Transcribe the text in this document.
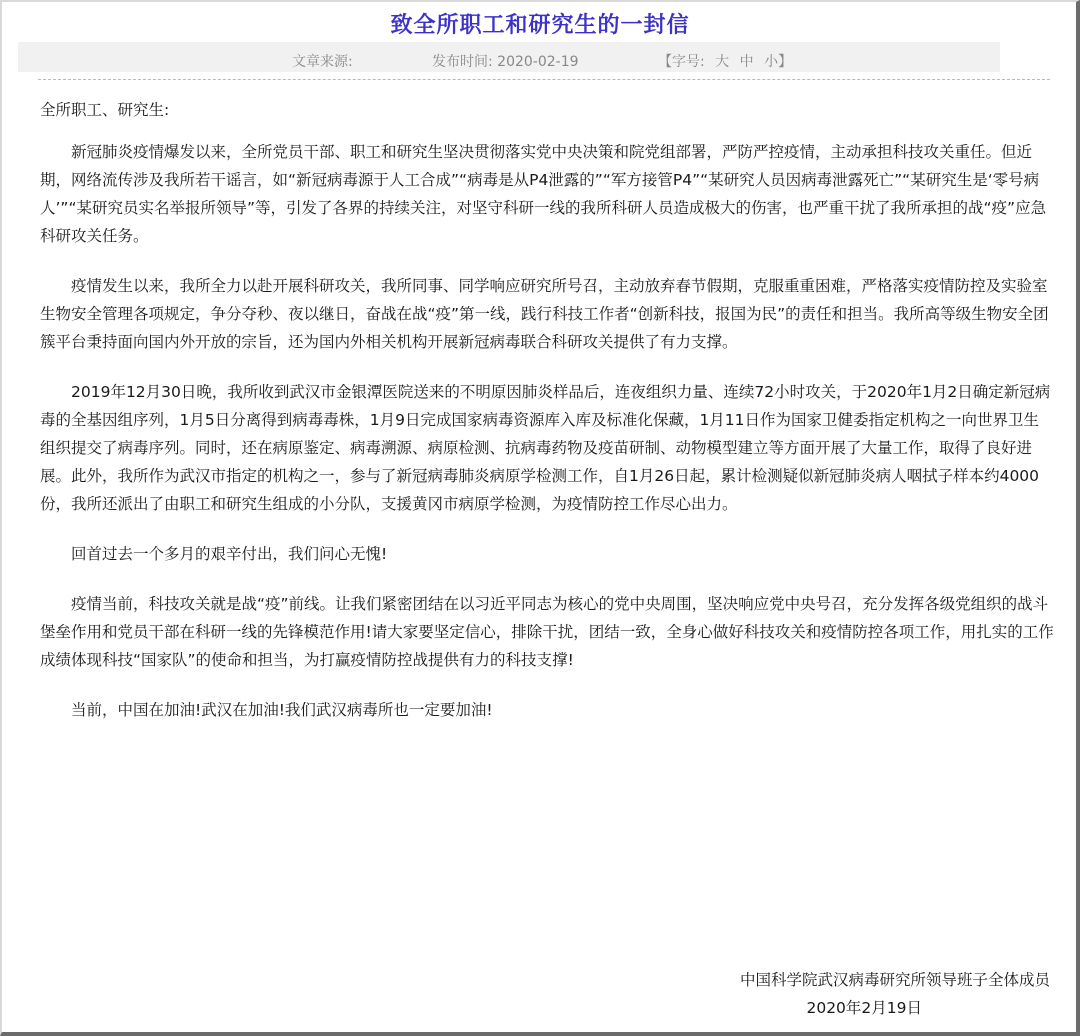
致全所职工和研究生的一封信
文章来源:	发布时间: 2020-02-19	【字号: 大 中 小】

全所职工、研究生:

新冠肺炎疫情爆发以来，全所党员干部、职工和研究生坚决贯彻落实党中央决策和院党组部署，严防严控疫情，主动承担科技攻关重任。但近期，网络流传涉及我所若干谣言，如“新冠病毒源于人工合成”“病毒是从P4泄露的”“军方接管P4”“某研究人员因病毒泄露死亡”“某研究生是‘零号病人’”“某研究员实名举报所领导”等，引发了各界的持续关注，对坚守科研一线的我所科研人员造成极大的伤害，也严重干扰了我所承担的战“疫”应急科研攻关任务。

疫情发生以来，我所全力以赴开展科研攻关，我所同事、同学响应研究所号召，主动放弃春节假期，克服重重困难，严格落实疫情防控及实验室生物安全管理各项规定，争分夺秒、夜以继日，奋战在战“疫”第一线，践行科技工作者“创新科技，报国为民”的责任和担当。我所高等级生物安全团簇平台秉持面向国内外开放的宗旨，还为国内外相关机构开展新冠病毒联合科研攻关提供了有力支撑。

2019年12月30日晚，我所收到武汉市金银潭医院送来的不明原因肺炎样品后，连夜组织力量、连续72小时攻关，于2020年1月2日确定新冠病毒的全基因组序列，1月5日分离得到病毒毒株，1月9日完成国家病毒资源库入库及标准化保藏，1月11日作为国家卫健委指定机构之一向世界卫生组织提交了病毒序列。同时，还在病原鉴定、病毒溯源、病原检测、抗病毒药物及疫苗研制、动物模型建立等方面开展了大量工作，取得了良好进展。此外，我所作为武汉市指定的机构之一，参与了新冠病毒肺炎病原学检测工作，自1月26日起，累计检测疑似新冠肺炎病人咽拭子样本约4000份，我所还派出了由职工和研究生组成的小分队，支援黄冈市病原学检测，为疫情防控工作尽心出力。

回首过去一个多月的艰辛付出，我们问心无愧!

疫情当前，科技攻关就是战“疫”前线。让我们紧密团结在以习近平同志为核心的党中央周围，坚决响应党中央号召，充分发挥各级党组织的战斗堡垒作用和党员干部在科研一线的先锋模范作用!请大家要坚定信心，排除干扰，团结一致，全身心做好科技攻关和疫情防控各项工作，用扎实的工作成绩体现科技“国家队”的使命和担当，为打赢疫情防控战提供有力的科技支撑!

当前，中国在加油!武汉在加油!我们武汉病毒所也一定要加油!

中国科学院武汉病毒研究所领导班子全体成员

2020年2月19日
